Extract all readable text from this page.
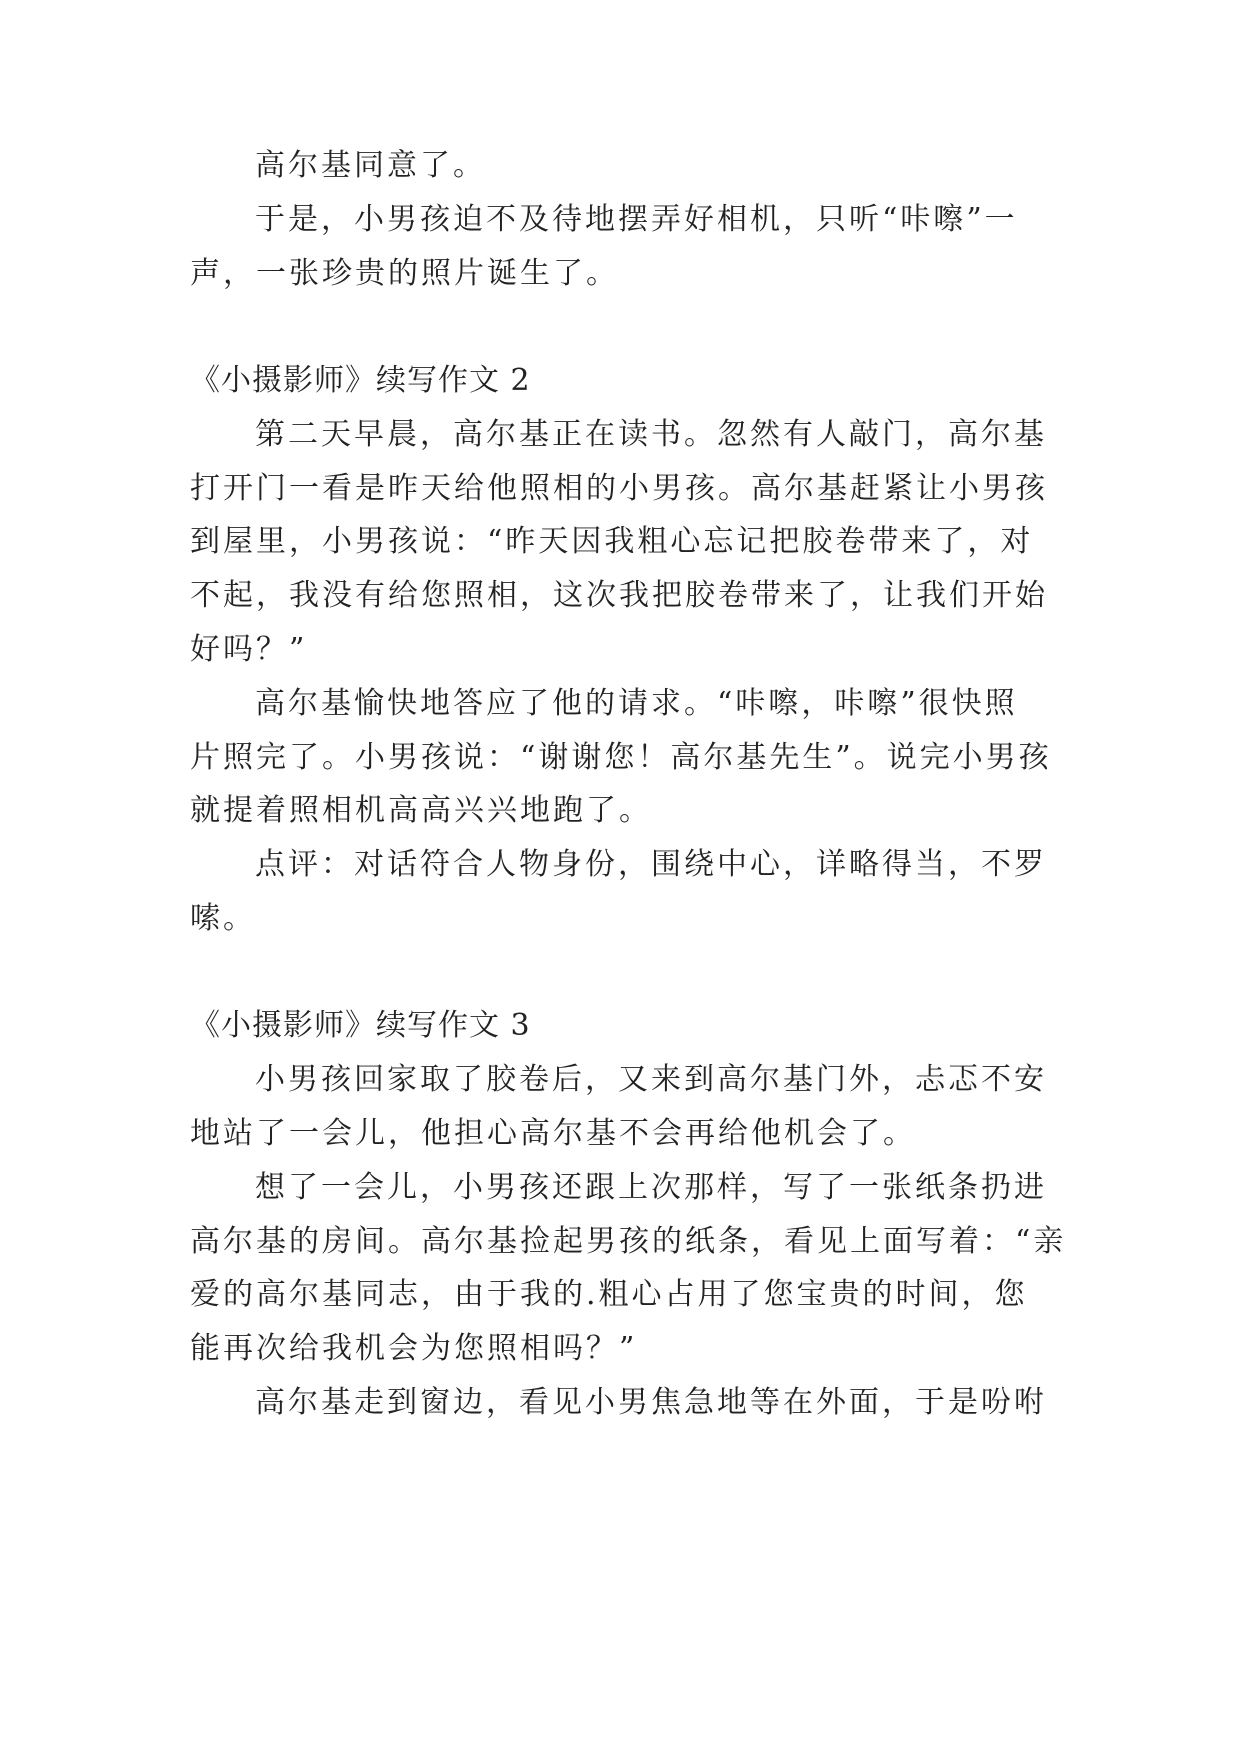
高尔基同意了。
于是，小男孩迫不及待地摆弄好相机，只听“咔嚓”一
声，一张珍贵的照片诞生了。
《小摄影师》续写作文 2
第二天早晨，高尔基正在读书。忽然有人敲门，高尔基
打开门一看是昨天给他照相的小男孩。高尔基赶紧让小男孩
到屋里，小男孩说：“昨天因我粗心忘记把胶卷带来了，对
不起，我没有给您照相，这次我把胶卷带来了，让我们开始
好吗？”
高尔基愉快地答应了他的请求。“咔嚓，咔嚓”很快照
片照完了。小男孩说：“谢谢您！高尔基先生”。说完小男孩
就提着照相机高高兴兴地跑了。
点评：对话符合人物身份，围绕中心，详略得当，不罗
嗦。
《小摄影师》续写作文 3
小男孩回家取了胶卷后，又来到高尔基门外，忐忑不安
地站了一会儿，他担心高尔基不会再给他机会了。
想了一会儿，小男孩还跟上次那样，写了一张纸条扔进
高尔基的房间。高尔基捡起男孩的纸条，看见上面写着：“亲
爱的高尔基同志，由于我的.粗心占用了您宝贵的时间，您
能再次给我机会为您照相吗？”
高尔基走到窗边，看见小男焦急地等在外面，于是吩咐
